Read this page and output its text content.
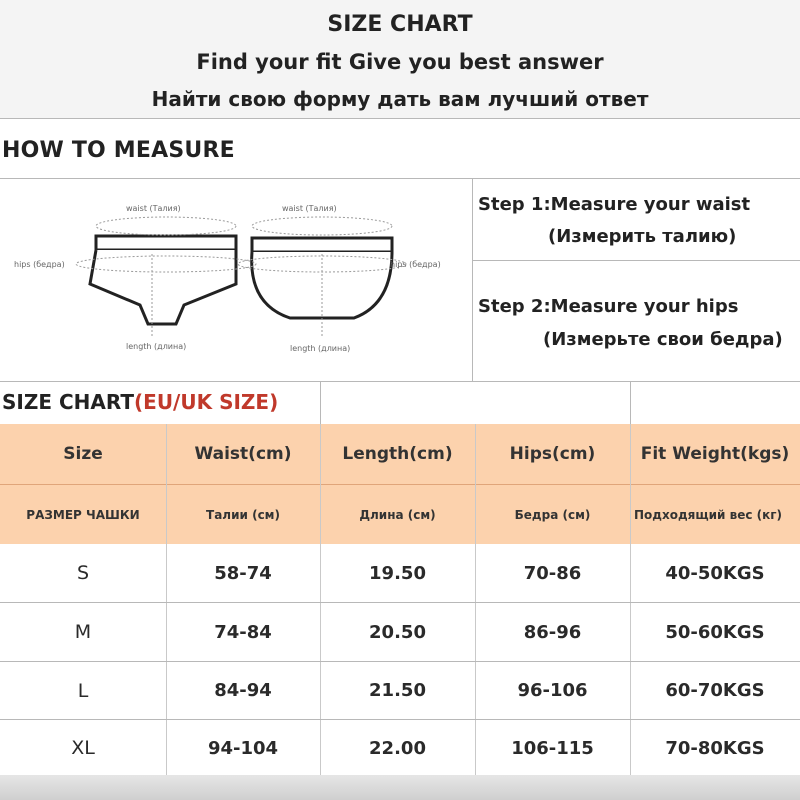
SIZE CHART
Find your fit Give you best answer
Найти свою форму дать вам лучший ответ
HOW TO MEASURE
waist (Талия)	waist (Талия)
hips (бедра)	hips (бедра)
length (длина)	length (длина)
Step 1:Measure your waist
(Измерить талию)
Step 2:Measure your hips
(Измерьте свои бедра)
SIZE CHART(EU/UK SIZE)
Size	Waist(cm)	Length(cm)	Hips(cm)	Fit Weight(kgs)
РАЗМЕР ЧАШКИ	Талии (см)	Длина (см)	Бедра (см)	Подходящий вес (кг)
S	58-74	19.50	70-86	40-50KGS
M	74-84	20.50	86-96	50-60KGS
L	84-94	21.50	96-106	60-70KGS
XL	94-104	22.00	106-115	70-80KGS
